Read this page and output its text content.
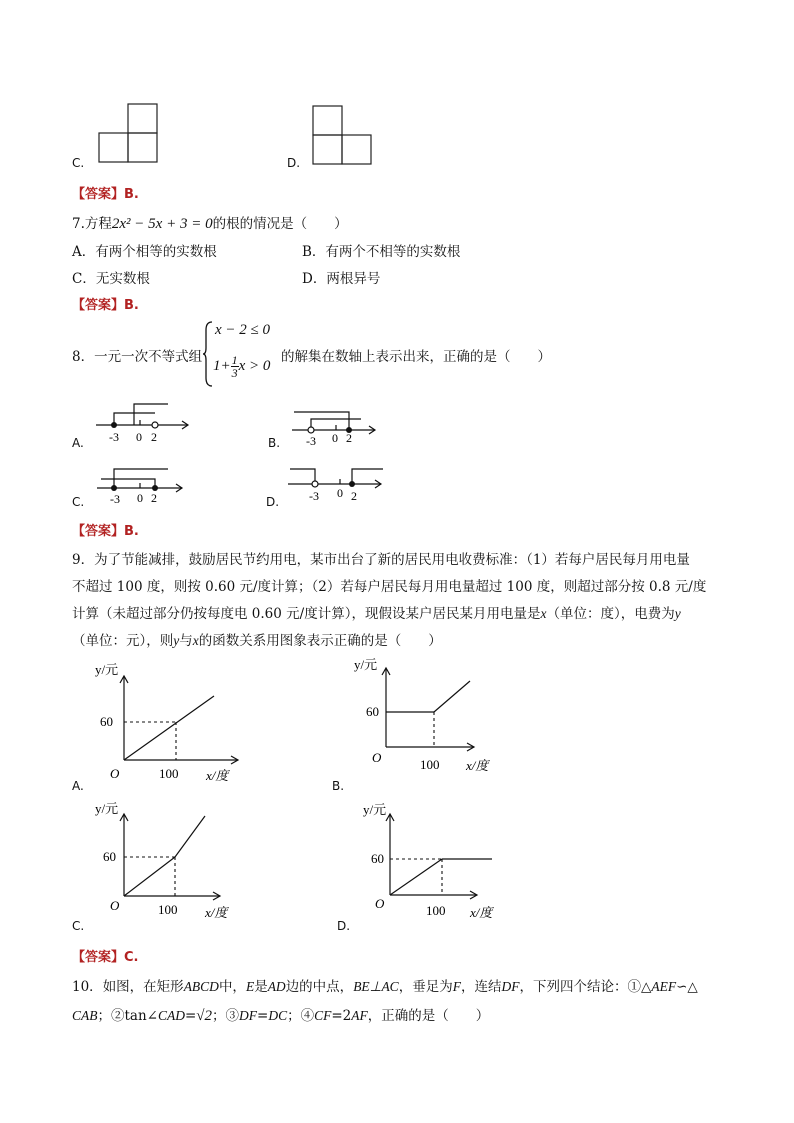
C.	D.
【答案】B.
7.方程2x² − 5x + 3 = 0的根的情况是（　　）
A．有两个相等的实数根	B．有两个不相等的实数根
C．无实数根	D．两根异号
【答案】B.
8．一元一次不等式组
x − 2 ≤ 0
$1+ \frac{1}{3}$ x > 0
的解集在数轴上表示出来，正确的是（　　）
A. -3 0 2	B. -3 0 2
C. -3 0 2	D. -3 0 2
【答案】B.
9．为了节能减排，鼓励居民节约用电，某市出台了新的居民用电收费标准：（1）若每户居民每月用电量
不超过 100 度，则按 0.60 元/度计算；（2）若每户居民每月用电量超过 100 度，则超过部分按 0.8 元/度
计算（未超过部分仍按每度电 0.60 元/度计算），现假设某户居民某月用电量是x（单位：度），电费为y
（单位：元），则y与x的函数关系用图象表示正确的是（　　）
A.
y/元
60
O	100 x/度
B.
y/元
60
O	100 x/度
C.
y/元
60
O	100 x/度
D.
y/元
60
O	100 x/度
【答案】C.
10．如图，在矩形ABCD中，E是AD边的中点，BE⊥AC，垂足为F，连结DF，下列四个结论：①△AEF∽△
CAB；②tan∠CAD=√2；③DF=DC；④CF=2AF，正确的是（　　）
